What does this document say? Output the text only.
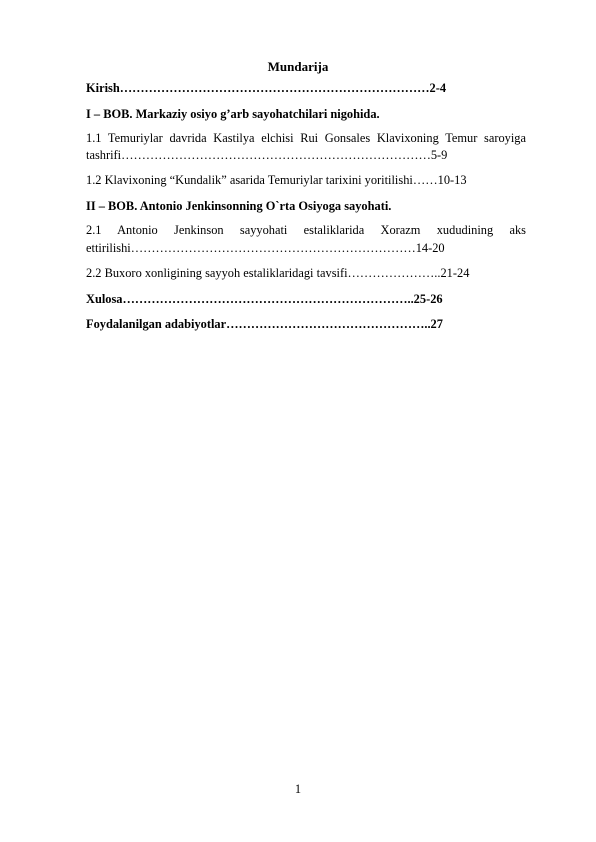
Mundarija
Kirish…………………………………………………………………2-4
I – BOB. Markaziy osiyo g’arb sayohatchilari nigohida.
1.1 Temuriylar davrida Kastilya elchisi Rui Gonsales Klavixoning Temur saroyiga
tashrifi…………………………………………………………………5-9
1.2 Klavixoning “Kundalik” asarida Temuriylar tarixini yoritilishi……10-13
II – BOB. Antonio Jenkinsonning O`rta Osiyoga sayohati.
2.1 Antonio Jenkinson sayyohati estaliklarida Xorazm xududining aks
ettirilishi……………………………………………………………14-20
2.2 Buxoro xonligining sayyoh estaliklaridagi tavsifi…………………..21-24
Xulosa……………………………………………………………..25-26
Foydalanilgan adabiyotlar…………………………………………..27
1
